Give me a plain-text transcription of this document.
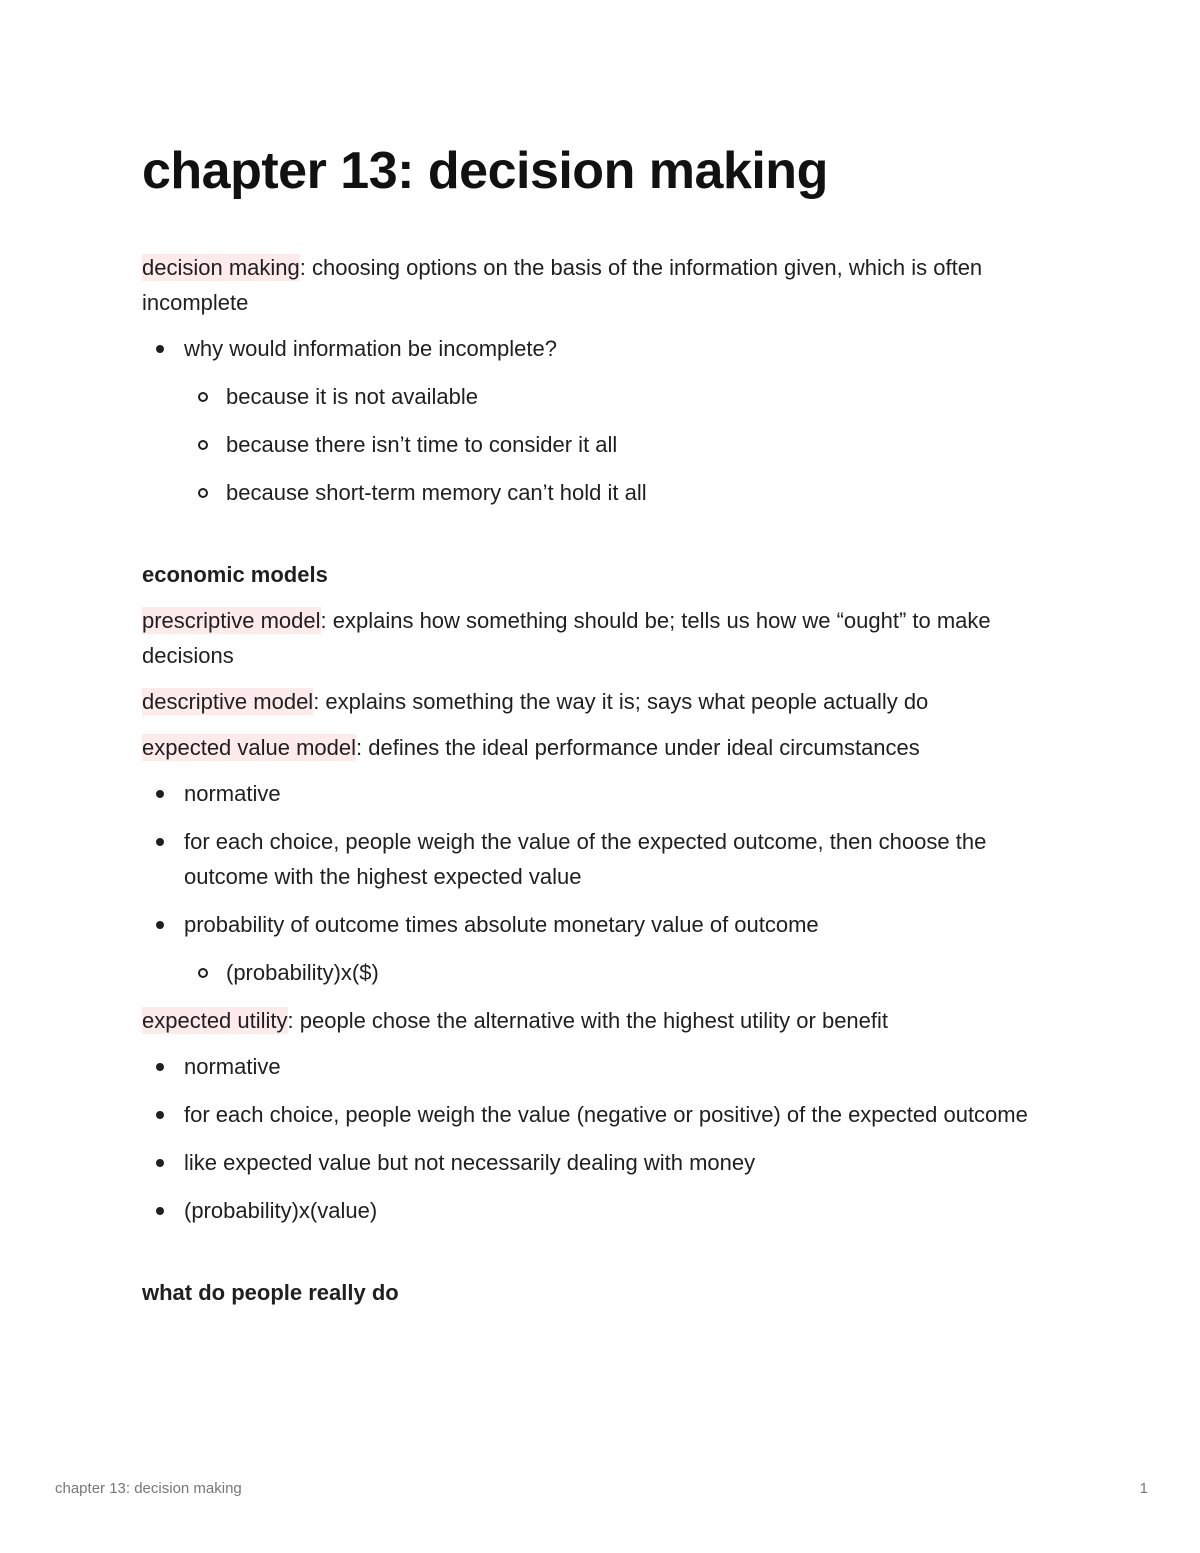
chapter 13: decision making

decision making: choosing options on the basis of the information given, which is often incomplete

why would information be incomplete?
because it is not available
because there isn’t time to consider it all
because short-term memory can’t hold it all
economic models

prescriptive model: explains how something should be; tells us how we “ought” to make decisions

descriptive model: explains something the way it is; says what people actually do

expected value model: defines the ideal performance under ideal circumstances

normative
for each choice, people weigh the value of the expected outcome, then choose the outcome with the highest expected value
probability of outcome times absolute monetary value of outcome
(probability)x($)

expected utility: people chose the alternative with the highest utility or benefit

normative
for each choice, people weigh the value (negative or positive) of the expected outcome
like expected value but not necessarily dealing with money
(probability)x(value)
what do people really do
chapter 13: decision making	1
